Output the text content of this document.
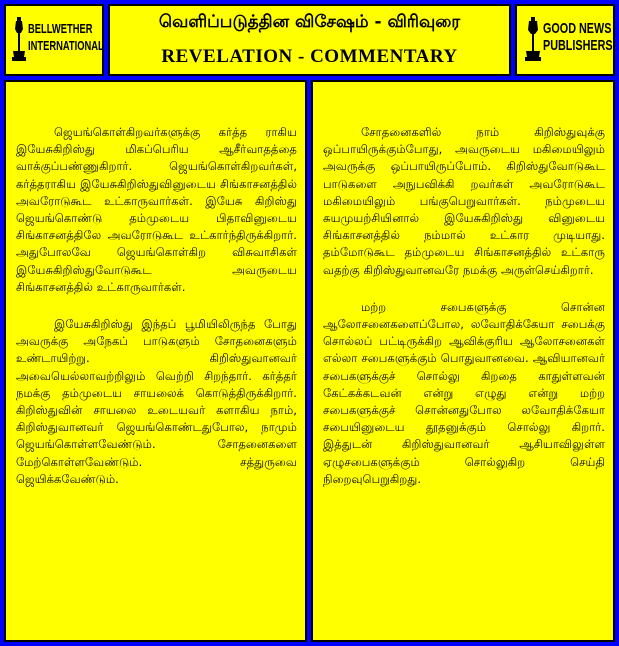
BELLWETHER
INTERNATIONAL
வெளிப்படுத்தின விசேஷம் - விரிவுரை
REVELATION - COMMENTARY
GOOD NEWS
PUBLISHERS

ஜெயங்கொள்கிறவர்களுக்கு கர்த்த ராகிய இயேசுகிறிஸ்து மிகப்பெரிய ஆசீர்வாதத்தை வாக்குப்பண்ணுகிறார். ஜெயங்கொள்கிறவர்கள், கர்த்தராகிய இயேசுகிறிஸ்துவினுடைய சிங்காசனத்தில் அவரோடுகூட உட்காருவார்கள். இயேசு கிறிஸ்து ஜெயங்கொண்டு தம்முடைய பிதாவினுடைய சிங்காசனத்திலே அவரோடுகூட உட்கார்ந்திருக்கிறார். அதுபோலவே ஜெயங்கொள்கிற விசுவாசிகள் இயேசுகிறிஸ்துவோடுகூட அவருடைய சிங்காசனத்தில் உட்காருவார்கள்.

இயேசுகிறிஸ்து இந்தப் பூமியிலிருந்த போது அவருக்கு அநேகப் பாடுகளும் சோதனைகளும் உண்டாயிற்று. கிறிஸ்துவானவர் அவையெல்லாவற்றிலும் வெற்றி சிறந்தார். கர்த்தர் நமக்கு தம்முடைய சாயலைக் கொடுத்திருக்கிறார். கிறிஸ்துவின் சாயலை உடையவர் களாகிய நாம், கிறிஸ்துவானவர் ஜெயங்கொண்டதுபோல, நாமும் ஜெயங்கொள்ளவேண்டும். சோதனைகளை மேற்கொள்ளவேண்டும். சத்துருவை ஜெயிக்கவேண்டும்.

சோதனைகளில் நாம் கிறிஸ்துவுக்கு ஒப்பாயிருக்கும்போது, அவருடைய மகிமையிலும் அவருக்கு ஒப்பாயிருப்போம். கிறிஸ்துவோடுகூட பாடுகளை அநுபவிக்கி றவர்கள் அவரோடுகூட மகிமையிலும் பங்குபெறுவார்கள். நம்முடைய சுயமுயற்சியினால் இயேசுகிறிஸ்து வினுடைய சிங்காசனத்தில் நம்மால் உட்கார முடியாது. தம்மோடுகூட தம்முடைய சிங்காசனத்தில் உட்காரு வதற்கு கிறிஸ்துவானவரே நமக்கு அருள்செய்கிறார்.

மற்ற சபைகளுக்கு சொன்ன ஆலோசனைகளைப்போல, லவோதிக்கேயா சபைக்கு சொல்லப் பட்டிருக்கிற ஆவிக்குரிய ஆலோசனைகள் எல்லா சபைகளுக்கும் பொதுவானவை. ஆவியானவர் சபைகளுக்குச் சொல்லு கிறதை காதுள்ளவன் கேட்கக்கடவன் என்று எழுது என்று மற்ற சபைகளுக்குச் சொன்னதுபோல லவோதிக்கேயா சபையினுடைய தூதனுக்கும் சொல்லு கிறார். இத்துடன் கிறிஸ்துவானவர் ஆசியாவிலுள்ள ஏழுசபைகளுக்கும் சொல்லுகிற செய்தி நிறைவுபெறுகிறது.
